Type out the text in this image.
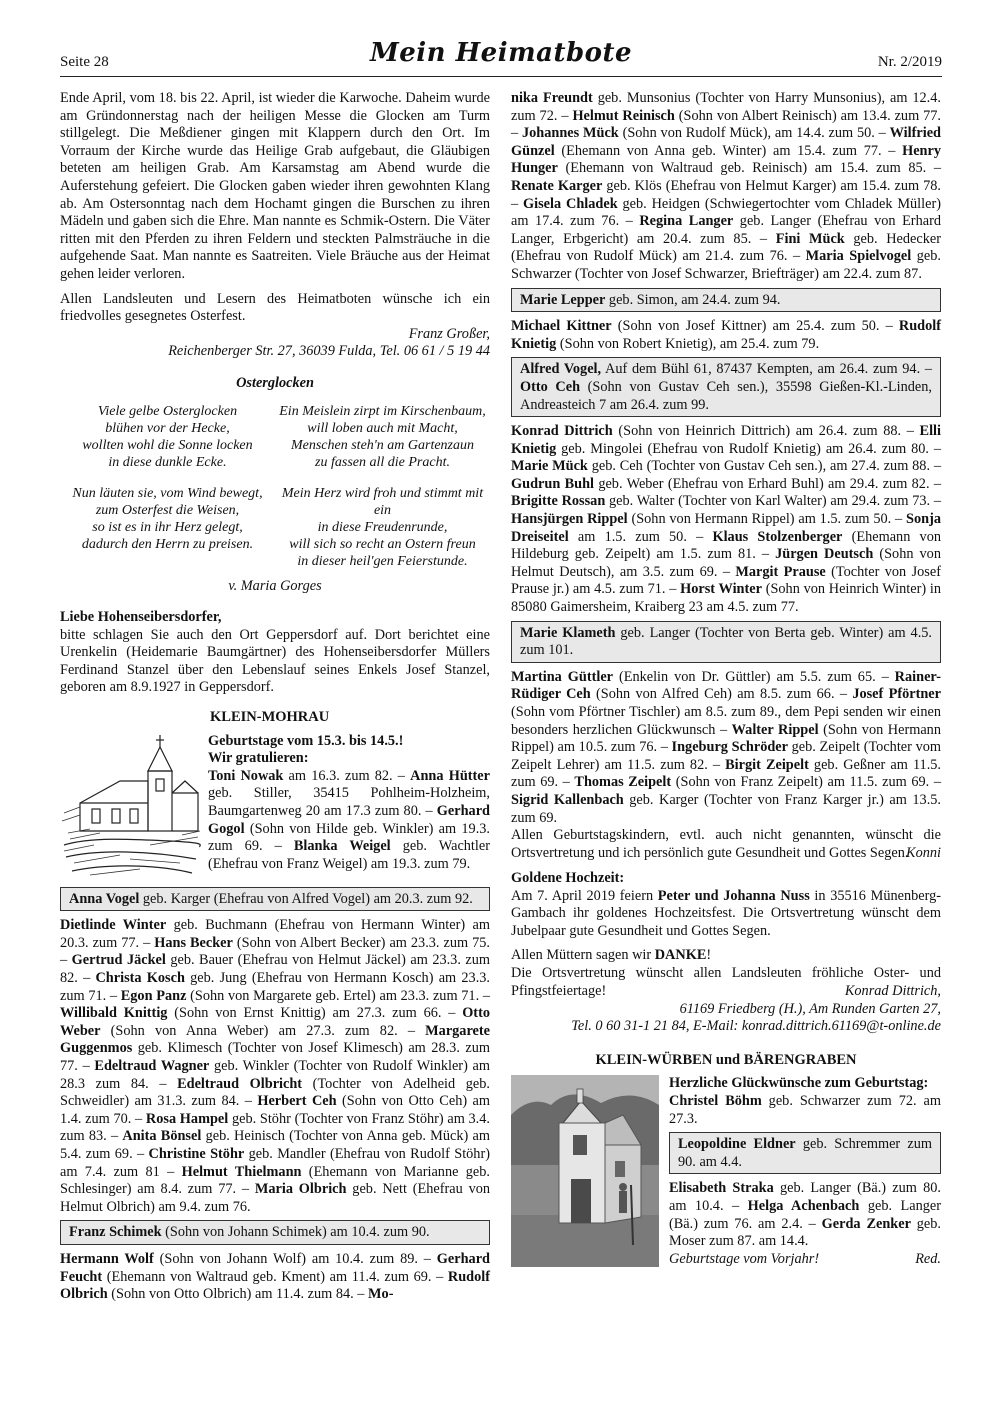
Seite 28	Mein Heimatbote	Nr. 2/2019

Ende April, vom 18. bis 22. April, ist wieder die Karwoche. Daheim wurde am Gründonnerstag nach der heiligen Messe die Glocken am Turm stillgelegt. Die Meßdiener gingen mit Klappern durch den Ort. Im Vorraum der Kirche wurde das Heilige Grab aufgebaut, die Gläubigen beteten am heiligen Grab. Am Karsamstag am Abend wurde die Auferstehung gefeiert. Die Glocken gaben wieder ihren gewohnten Klang ab. Am Ostersonntag nach dem Hochamt gingen die Burschen zu ihren Mädeln und gaben sich die Ehre. Man nannte es Schmik-Ostern. Die Väter ritten mit den Pferden zu ihren Feldern und steckten Palmsträuche in die aufgehende Saat. Man nannte es Saatreiten. Viele Bräuche aus der Heimat gehen leider verloren.

Allen Landsleuten und Lesern des Heimatboten wünsche ich ein friedvolles gesegnetes Osterfest.

Franz Großer,

Reichenberger Str. 27, 36039 Fulda, Tel. 06 61 / 5 19 44

Osterglocken

Viele gelbe Osterglocken
blühen vor der Hecke,
wollten wohl die Sonne locken
in diese dunkle Ecke.
Ein Meislein zirpt im Kirschenbaum,
will loben auch mit Macht,
Menschen steh'n am Gartenzaun
zu fassen all die Pracht.
Nun läuten sie, vom Wind bewegt,
zum Osterfest die Weisen,
so ist es in ihr Herz gelegt,
dadurch den Herrn zu preisen.
Mein Herz wird froh und stimmt mit ein
in diese Freudenrunde,
will sich so recht an Ostern freun
in dieser heil'gen Feierstunde.

v. Maria Gorges

Liebe Hohenseibersdorfer,

bitte schlagen Sie auch den Ort Geppersdorf auf. Dort berichtet eine Urenkelin (Heidemarie Baumgärtner) des Hohenseibersdorfer Müllers Ferdinand Stanzel über den Lebenslauf seines Enkels Josef Stanzel, geboren am 8.9.1927 in Geppersdorf.

KLEIN-MOHRAU

Geburtstage vom 15.3. bis 14.5.!

Wir gratulieren:

Toni Nowak am 16.3. zum 82. – Anna Hütter geb. Stiller, 35415 Pohlheim-Holzheim, Baumgartenweg 20 am 17.3 zum 80. – Gerhard Gogol (Sohn von Hilde geb. Winkler) am 19.3. zum 69. – Blanka Weigel geb. Wachtler (Ehefrau von Franz Weigel) am 19.3. zum 79.

Anna Vogel geb. Karger (Ehefrau von Alfred Vogel) am 20.3. zum 92.

Dietlinde Winter geb. Buchmann (Ehefrau von Hermann Winter) am 20.3. zum 77. – Hans Becker (Sohn von Albert Becker) am 23.3. zum 75. – Gertrud Jäckel geb. Bauer (Ehefrau von Helmut Jäckel) am 23.3. zum 82. – Christa Kosch geb. Jung (Ehefrau von Hermann Kosch) am 23.3. zum 71. – Egon Panz (Sohn von Margarete geb. Ertel) am 23.3. zum 71. – Willibald Knittig (Sohn von Ernst Knittig) am 27.3. zum 66. – Otto Weber (Sohn von Anna Weber) am 27.3. zum 82. – Margarete Guggenmos geb. Klimesch (Tochter von Josef Klimesch) am 28.3. zum 77. – Edeltraud Wagner geb. Winkler (Tochter von Rudolf Winkler) am 28.3 zum 84. – Edeltraud Olbricht (Tochter von Adelheid geb. Schweidler) am 31.3. zum 84. – Herbert Ceh (Sohn von Otto Ceh) am 1.4. zum 70. – Rosa Hampel geb. Stöhr (Tochter von Franz Stöhr) am 3.4. zum 83. – Anita Bönsel geb. Heinisch (Tochter von Anna geb. Mück) am 5.4. zum 69. – Christine Stöhr geb. Mandler (Ehefrau von Rudolf Stöhr) am 7.4. zum 81 – Helmut Thielmann (Ehemann von Marianne geb. Schlesinger) am 8.4. zum 77. – Maria Olbrich geb. Nett (Ehefrau von Helmut Olbrich) am 9.4. zum 76.

Franz Schimek (Sohn von Johann Schimek) am 10.4. zum 90.

Hermann Wolf (Sohn von Johann Wolf) am 10.4. zum 89. – Gerhard Feucht (Ehemann von Waltraud geb. Kment) am 11.4. zum 69. – Rudolf Olbrich (Sohn von Otto Olbrich) am 11.4. zum 84. – Mo-

nika Freundt geb. Munsonius (Tochter von Harry Munsonius), am 12.4. zum 72. – Helmut Reinisch (Sohn von Albert Reinisch) am 13.4. zum 77. – Johannes Mück (Sohn von Rudolf Mück), am 14.4. zum 50. – Wilfried Günzel (Ehemann von Anna geb. Winter) am 15.4. zum 77. – Henry Hunger (Ehemann von Waltraud geb. Reinisch) am 15.4. zum 85. – Renate Karger geb. Klös (Ehefrau von Helmut Karger) am 15.4. zum 78. – Gisela Chladek geb. Heidgen (Schwiegertochter vom Chladek Müller) am 17.4. zum 76. – Regina Langer geb. Langer (Ehefrau von Erhard Langer, Erbgericht) am 20.4. zum 85. – Fini Mück geb. Hedecker (Ehefrau von Rudolf Mück) am 21.4. zum 76. – Maria Spielvogel geb. Schwarzer (Tochter von Josef Schwarzer, Briefträger) am 22.4. zum 87.

Marie Lepper geb. Simon, am 24.4. zum 94.

Michael Kittner (Sohn von Josef Kittner) am 25.4. zum 50. – Rudolf Knietig (Sohn von Robert Knietig), am 25.4. zum 79.

Alfred Vogel, Auf dem Bühl 61, 87437 Kempten, am 26.4. zum 94. – Otto Ceh (Sohn von Gustav Ceh sen.), 35598 Gießen-Kl.-Linden, Andreasteich 7 am 26.4. zum 99.

Konrad Dittrich (Sohn von Heinrich Dittrich) am 26.4. zum 88. – Elli Knietig geb. Mingolei (Ehefrau von Rudolf Knietig) am 26.4. zum 80. – Marie Mück geb. Ceh (Tochter von Gustav Ceh sen.), am 27.4. zum 88. – Gudrun Buhl geb. Weber (Ehefrau von Erhard Buhl) am 29.4. zum 82. – Brigitte Rossan geb. Walter (Tochter von Karl Walter) am 29.4. zum 73. – Hansjürgen Rippel (Sohn von Hermann Rippel) am 1.5. zum 50. – Sonja Dreiseitel am 1.5. zum 50. – Klaus Stolzenberger (Ehemann von Hildeburg geb. Zeipelt) am 1.5. zum 81. – Jürgen Deutsch (Sohn von Helmut Deutsch), am 3.5. zum 69. – Margit Prause (Tochter von Josef Prause jr.) am 4.5. zum 71. – Horst Winter (Sohn von Heinrich Winter) in 85080 Gaimersheim, Kraiberg 23 am 4.5. zum 77.

Marie Klameth geb. Langer (Tochter von Berta geb. Winter) am 4.5. zum 101.

Martina Güttler (Enkelin von Dr. Güttler) am 5.5. zum 65. – Rainer-Rüdiger Ceh (Sohn von Alfred Ceh) am 8.5. zum 66. – Josef Pförtner (Sohn vom Pförtner Tischler) am 8.5. zum 89., dem Pepi senden wir einen besonders herzlichen Glückwunsch – Walter Rippel (Sohn von Hermann Rippel) am 10.5. zum 76. – Ingeburg Schröder geb. Zeipelt (Tochter vom Zeipelt Lehrer) am 11.5. zum 82. – Birgit Zeipelt geb. Geßner am 11.5. zum 69. – Thomas Zeipelt (Sohn von Franz Zeipelt) am 11.5. zum 69. – Sigrid Kallenbach geb. Karger (Tochter von Franz Karger jr.) am 13.5. zum 69.

Allen Geburtstagskindern, evtl. auch nicht genannten, wünscht die Ortsvertretung und ich persönlich gute Gesundheit und Gottes Segen.

Konni

Goldene Hochzeit:

Am 7. April 2019 feiern Peter und Johanna Nuss in 35516 Münenberg-Gambach ihr goldenes Hochzeitsfest. Die Ortsvertretung wünscht dem Jubelpaar gute Gesundheit und Gottes Segen.

Allen Müttern sagen wir DANKE!

Die Ortsvertretung wünscht allen Landsleuten fröhliche Oster- und Pfingstfeiertage!	Konrad Dittrich,

61169 Friedberg (H.), Am Runden Garten 27,

Tel. 0 60 31-1 21 84, E-Mail: konrad.dittrich.61169@t-online.de

KLEIN-WÜRBEN und BÄRENGRABEN

Herzliche Glückwünsche zum Geburtstag:

Christel Böhm geb. Schwarzer zum 72. am 27.3.

Leopoldine Eldner geb. Schremmer zum 90. am 4.4.

Elisabeth Straka geb. Langer (Bä.) zum 80. am 10.4. – Helga Achenbach geb. Langer (Bä.) zum 76. am 2.4. – Gerda Zenker geb. Moser zum 87. am 14.4.

Geburtstage vom Vorjahr!	Red.
